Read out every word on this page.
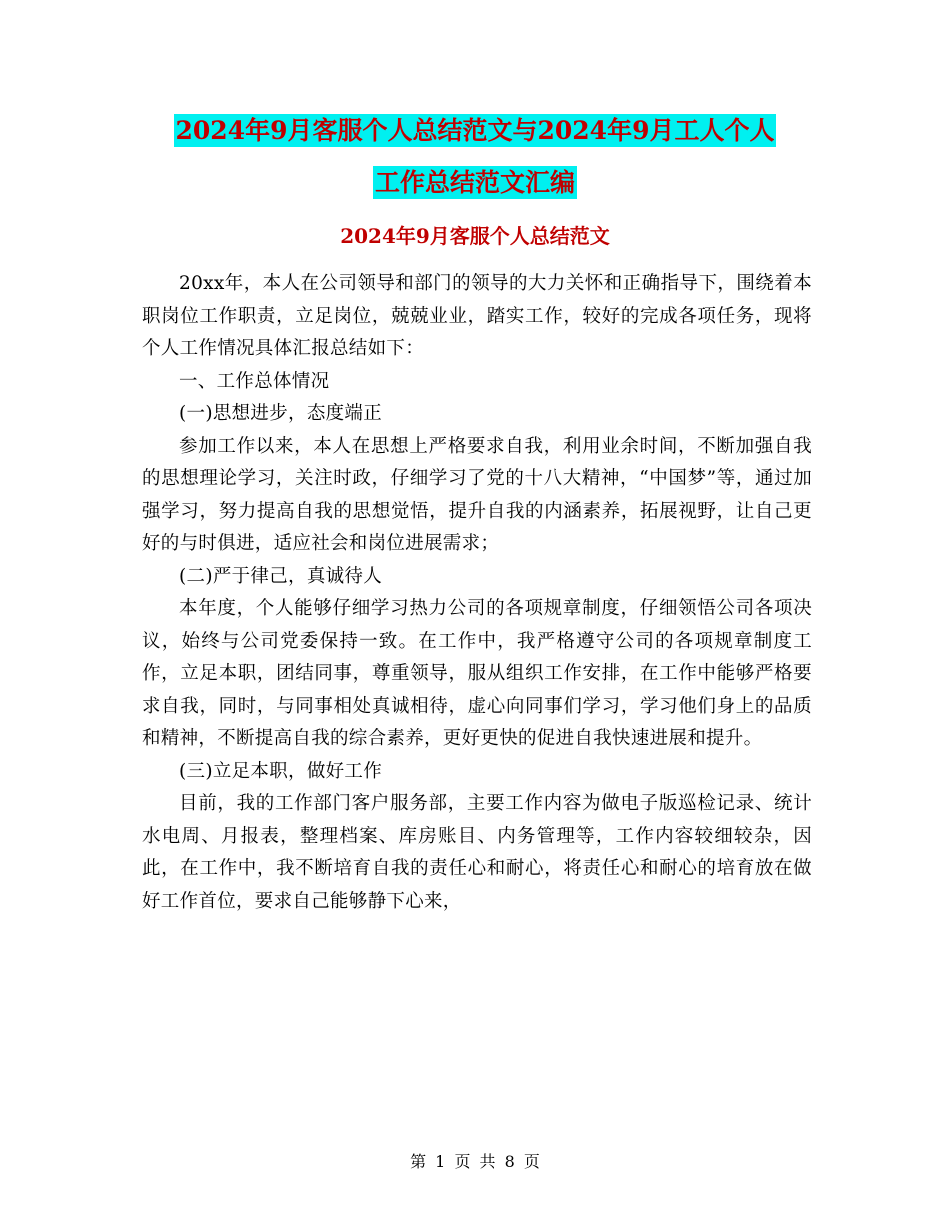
2024年9月客服个人总结范文与2024年9月工人个人
工作总结范文汇编
2024年9月客服个人总结范文

20xx年，本人在公司领导和部门的领导的大力关怀和正确指导下，围绕着本职岗位工作职责，立足岗位，兢兢业业，踏实工作，较好的完成各项任务，现将个人工作情况具体汇报总结如下：

一、工作总体情况

(一)思想进步，态度端正

参加工作以来，本人在思想上严格要求自我，利用业余时间，不断加强自我的思想理论学习，关注时政，仔细学习了党的十八大精神，“中国梦”等，通过加强学习，努力提高自我的思想觉悟，提升自我的内涵素养，拓展视野，让自己更好的与时俱进，适应社会和岗位进展需求；

(二)严于律己，真诚待人

本年度，个人能够仔细学习热力公司的各项规章制度，仔细领悟公司各项决议，始终与公司党委保持一致。在工作中，我严格遵守公司的各项规章制度工作，立足本职，团结同事，尊重领导，服从组织工作安排，在工作中能够严格要求自我，同时，与同事相处真诚相待，虚心向同事们学习，学习他们身上的品质和精神，不断提高自我的综合素养，更好更快的促进自我快速进展和提升。

(三)立足本职，做好工作

目前，我的工作部门客户服务部，主要工作内容为做电子版巡检记录、统计水电周、月报表，整理档案、库房账目、内务管理等，工作内容较细较杂，因此，在工作中，我不断培育自我的责任心和耐心，将责任心和耐心的培育放在做好工作首位，要求自己能够静下心来，

第 1 页 共 8 页
